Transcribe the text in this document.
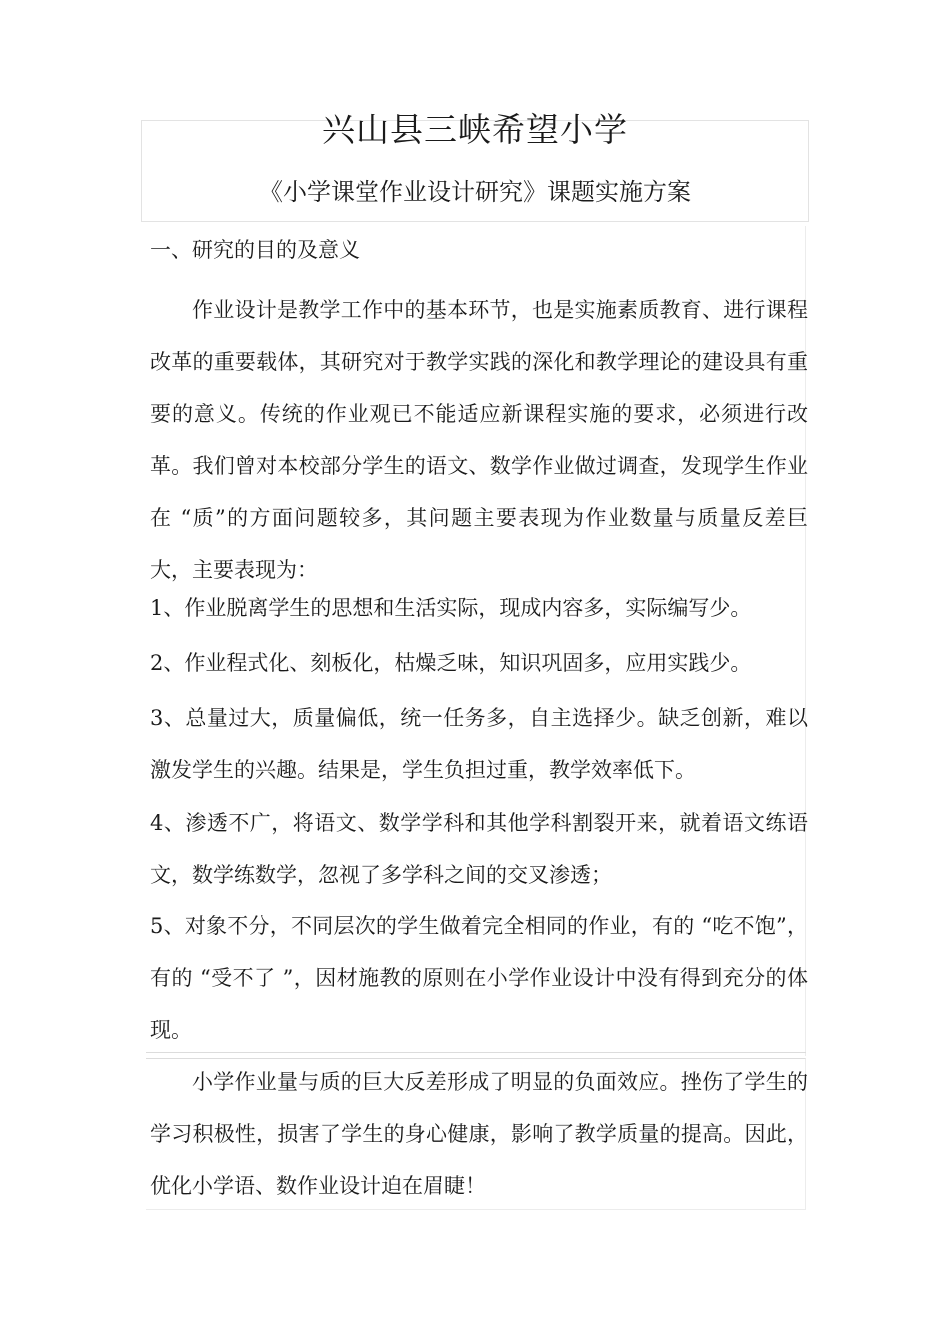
兴山县三峡希望小学
《小学课堂作业设计研究》课题实施方案

一、研究的目的及意义

作业设计是教学工作中的基本环节，也是实施素质教育、进行课程改革的重要载体，其研究对于教学实践的深化和教学理论的建设具有重要的意义。传统的作业观已不能适应新课程实施的要求，必须进行改革。我们曾对本校部分学生的语文、数学作业做过调查，发现学生作业在 “质”的方面问题较多，其问题主要表现为作业数量与质量反差巨大，主要表现为：

1、作业脱离学生的思想和生活实际，现成内容多，实际编写少。

2、作业程式化、刻板化，枯燥乏味，知识巩固多，应用实践少。

3、总量过大，质量偏低，统一任务多，自主选择少。缺乏创新，难以激发学生的兴趣。结果是，学生负担过重，教学效率低下。

4、渗透不广，将语文、数学学科和其他学科割裂开来，就着语文练语文，数学练数学，忽视了多学科之间的交叉渗透；

5、对象不分，不同层次的学生做着完全相同的作业，有的 “吃不饱”，有的 “受不了 ”，因材施教的原则在小学作业设计中没有得到充分的体现。

小学作业量与质的巨大反差形成了明显的负面效应。挫伤了学生的学习积极性，损害了学生的身心健康，影响了教学质量的提高。因此，优化小学语、数作业设计迫在眉睫！
